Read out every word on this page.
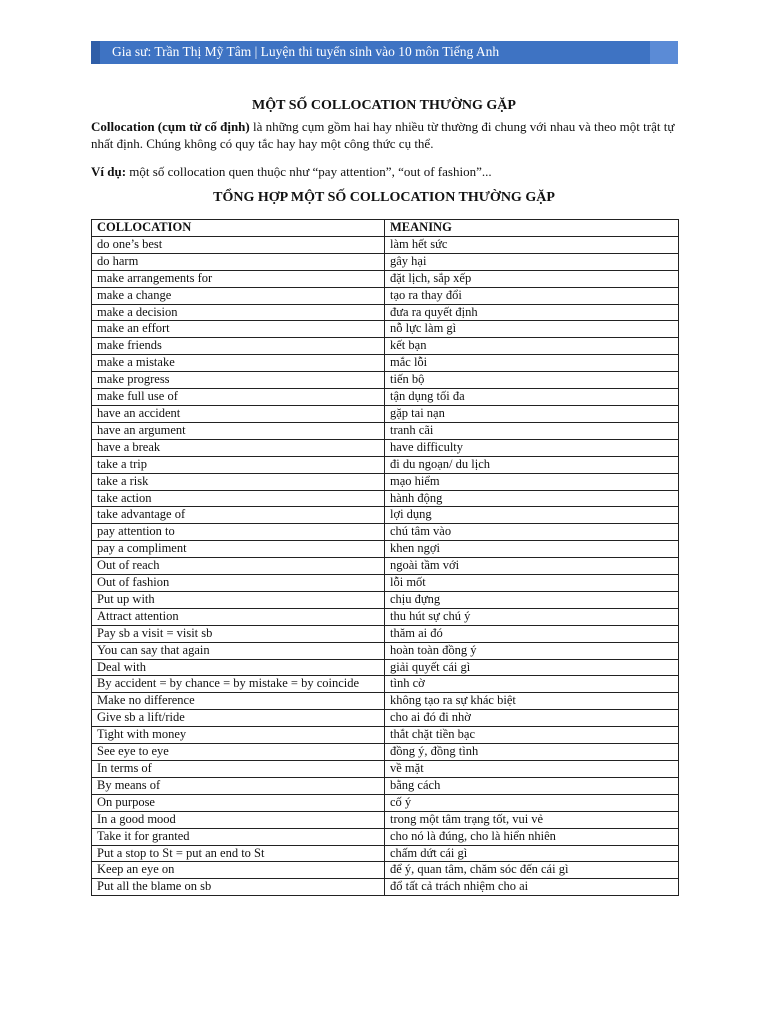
Gia sư: Trần Thị Mỹ Tâm | Luyện thi tuyển sinh vào 10 môn Tiếng Anh
MỘT SỐ COLLOCATION THƯỜNG GẶP
Collocation (cụm từ cố định) là những cụm gồm hai hay nhiều từ thường đi chung với nhau và theo một trật tự nhất định. Chúng không có quy tắc hay hay một công thức cụ thể.
Ví dụ: một số collocation quen thuộc như “pay attention”, “out of fashion”...
TỔNG HỢP MỘT SỐ COLLOCATION THƯỜNG GẶP
COLLOCATION	MEANING
do one’s best	làm hết sức
do harm	gây hại
make arrangements for	đặt lịch, sắp xếp
make a change	tạo ra thay đổi
make a decision	đưa ra quyết định
make an effort	nỗ lực làm gì
make friends	kết bạn
make a mistake	mắc lỗi
make progress	tiến bộ
make full use of	tận dụng tối đa
have an accident	gặp tai nạn
have an argument	tranh cãi
have a break	have difficulty
take a trip	đi du ngoạn/ du lịch
take a risk	mạo hiểm
take action	hành động
take advantage of	lợi dụng
pay attention to	chú tâm vào
pay a compliment	khen ngợi
Out of reach	ngoài tầm với
Out of fashion	lỗi mốt
Put up with	chịu đựng
Attract attention	thu hút sự chú ý
Pay sb a visit = visit sb	thăm ai đó
You can say that again	hoàn toàn đồng ý
Deal with	giải quyết cái gì
By accident = by chance = by mistake = by coincide	tình cờ
Make no difference	không tạo ra sự khác biệt
Give sb a lift/ride	cho ai đó đi nhờ
Tight with money	thắt chặt tiền bạc
See eye to eye	đồng ý, đồng tình
In terms of	về mặt
By means of	bằng cách
On purpose	cố ý
In a good mood	trong một tâm trạng tốt, vui vẻ
Take it for granted	cho nó là đúng, cho là hiển nhiên
Put a stop to St = put an end to St	chấm dứt cái gì
Keep an eye on	để ý, quan tâm, chăm sóc đến cái gì
Put all the blame on sb	đổ tất cả trách nhiệm cho ai
